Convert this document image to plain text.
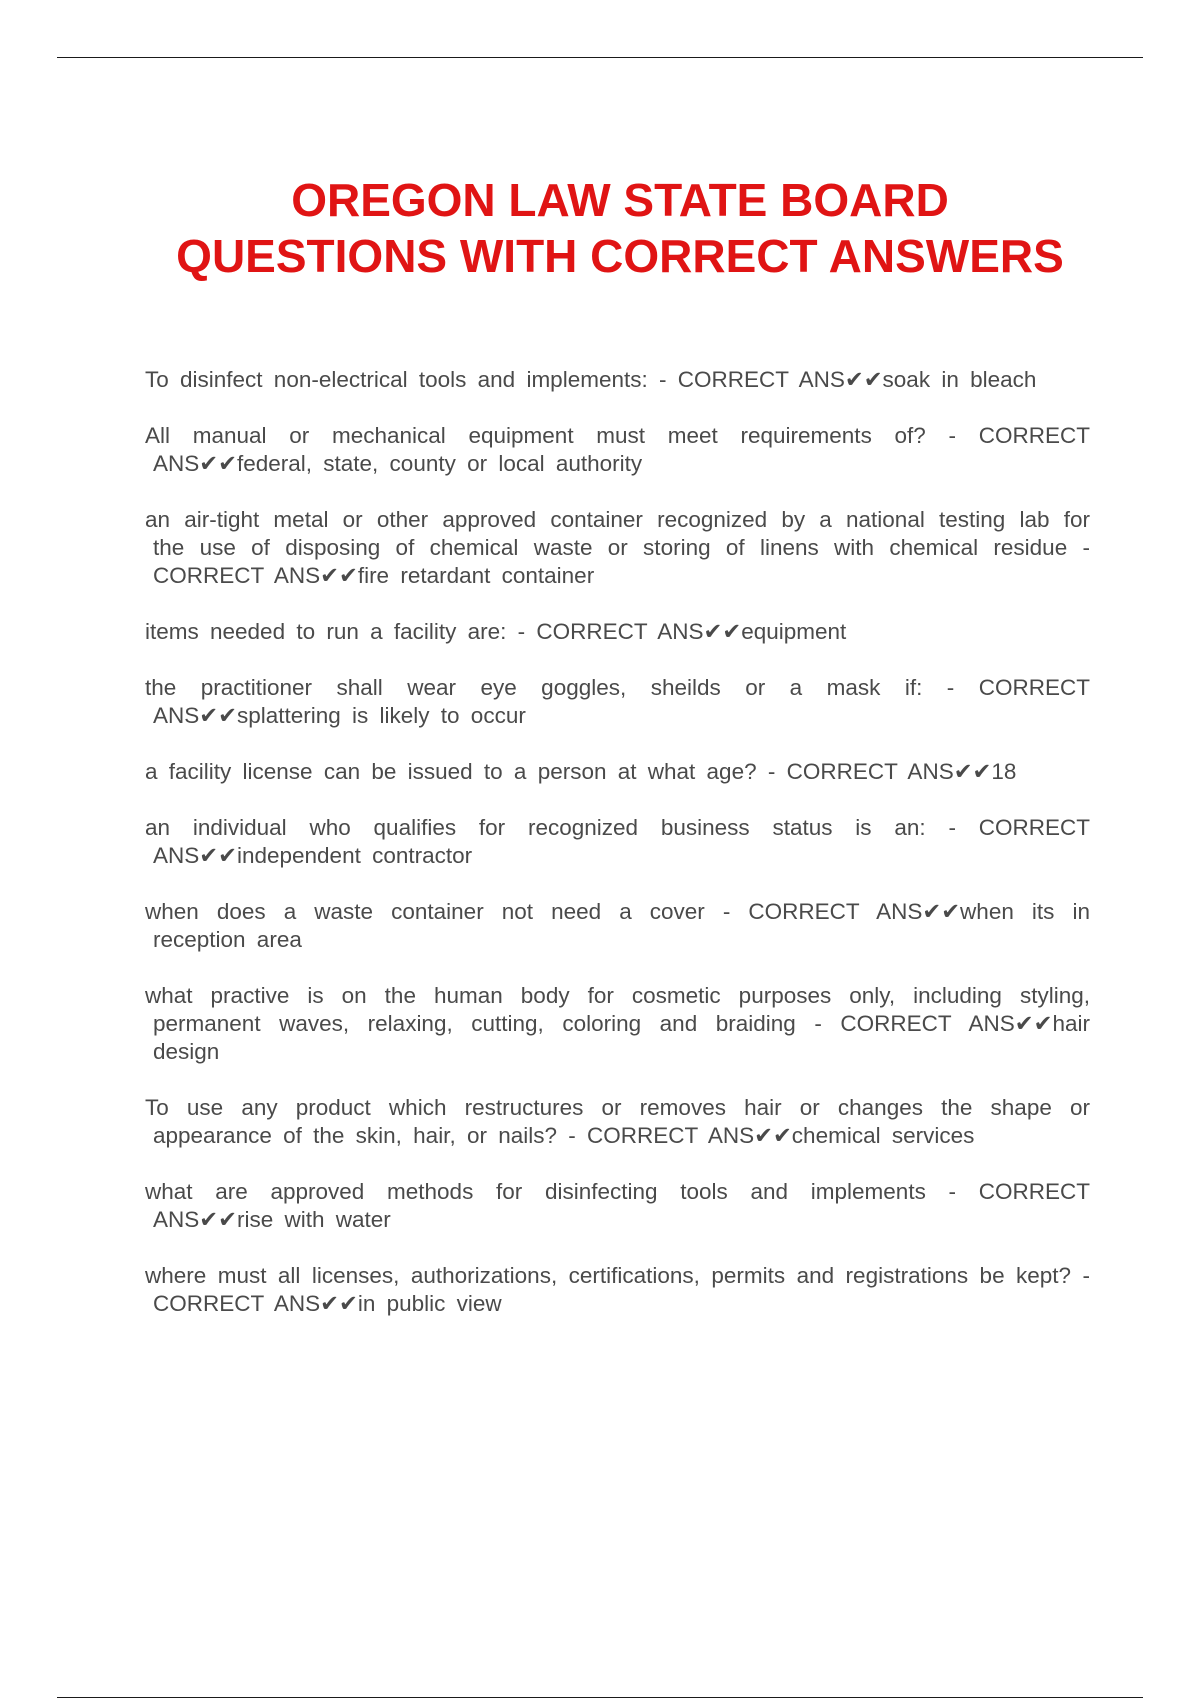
OREGON LAW STATE BOARD
QUESTIONS WITH CORRECT ANSWERS
To disinfect non-electrical tools and implements: - CORRECT ANS✔✔soak in bleach
All manual or mechanical equipment must meet requirements of? - CORRECT ANS✔✔federal, state, county or local authority
an air-tight metal or other approved container recognized by a national testing lab for the use of disposing of chemical waste or storing of linens with chemical residue - CORRECT ANS✔✔fire retardant container
items needed to run a facility are: - CORRECT ANS✔✔equipment
the practitioner shall wear eye goggles, sheilds or a mask if: - CORRECT ANS✔✔splattering is likely to occur
a facility license can be issued to a person at what age? - CORRECT ANS✔✔18
an individual who qualifies for recognized business status is an: - CORRECT ANS✔✔independent contractor
when does a waste container not need a cover - CORRECT ANS✔✔when its in reception area
what practive is on the human body for cosmetic purposes only, including styling, permanent waves, relaxing, cutting, coloring and braiding - CORRECT ANS✔✔hair design
To use any product which restructures or removes hair or changes the shape or appearance of the skin, hair, or nails? - CORRECT ANS✔✔chemical services
what are approved methods for disinfecting tools and implements - CORRECT ANS✔✔rise with water
where must all licenses, authorizations, certifications, permits and registrations be kept? - CORRECT ANS✔✔in public view
